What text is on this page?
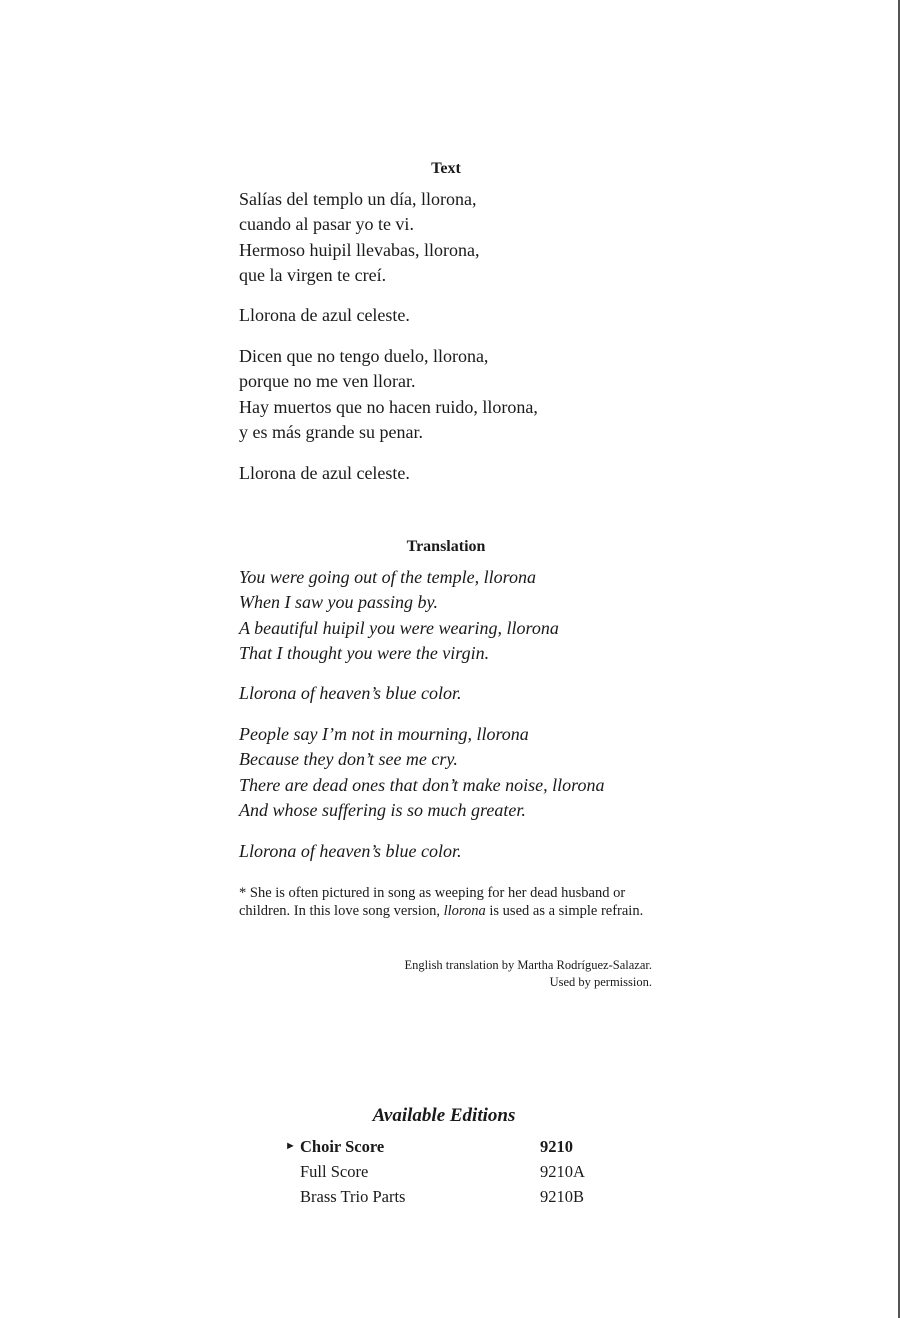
Text
Salías del templo un día, llorona,
cuando al pasar yo te vi.
Hermoso huipil llevabas, llorona,
que la virgen te creí.
Llorona de azul celeste.
Dicen que no tengo duelo, llorona,
porque no me ven llorar.
Hay muertos que no hacen ruido, llorona,
y es más grande su penar.
Llorona de azul celeste.
Translation
You were going out of the temple, llorona
When I saw you passing by.
A beautiful huipil you were wearing, llorona
That I thought you were the virgin.
Llorona of heaven’s blue color.
People say I’m not in mourning, llorona
Because they don’t see me cry.
There are dead ones that don’t make noise, llorona
And whose suffering is so much greater.
Llorona of heaven’s blue color.
* She is often pictured in song as weeping for her dead husband or children. In this love song version, llorona is used as a simple refrain.
English translation by Martha Rodríguez-Salazar.
Used by permission.
Available Editions
► Choir Score	9210
Full Score	9210A
Brass Trio Parts	9210B
